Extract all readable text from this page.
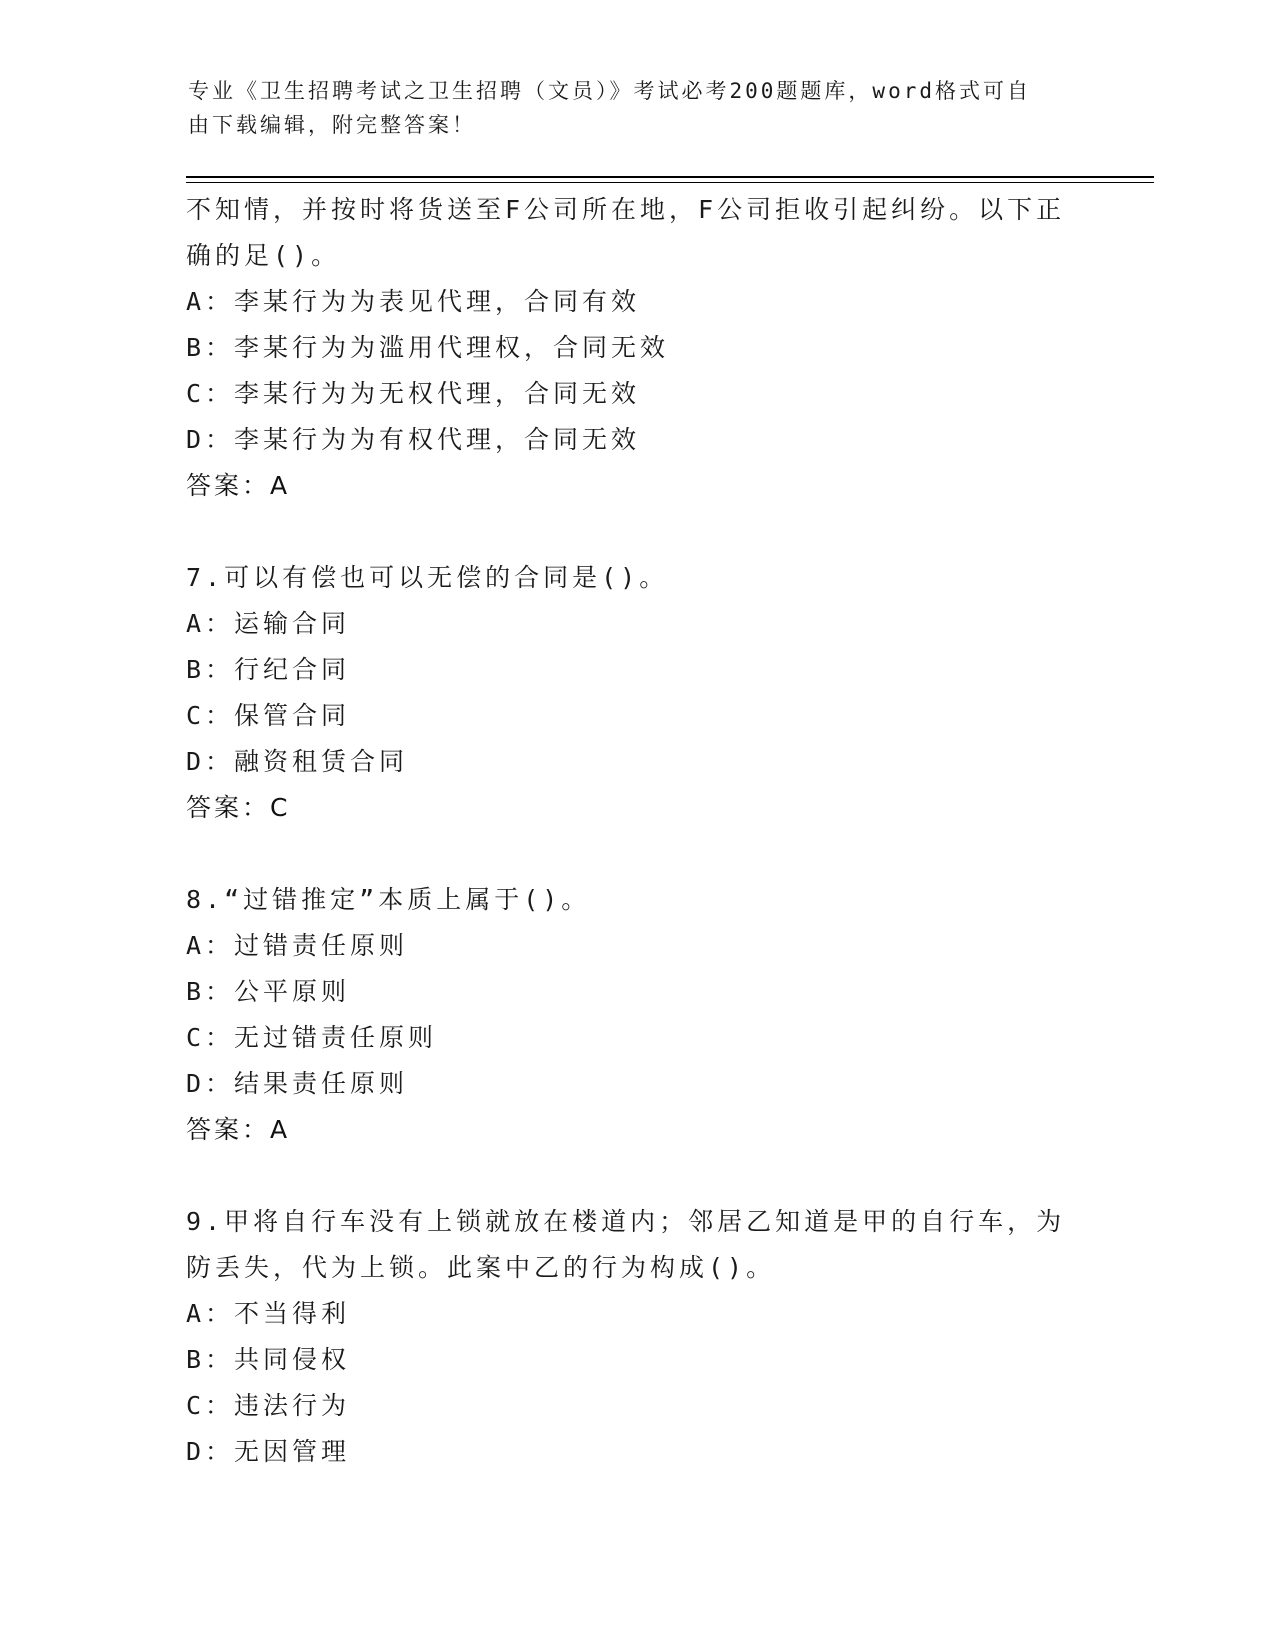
专业《卫生招聘考试之卫生招聘（文员）》考试必考200题题库，word格式可自
由下载编辑，附完整答案！
不知情，并按时将货送至F公司所在地，F公司拒收引起纠纷。以下正
确的足()。
A：李某行为为表见代理，合同有效
B：李某行为为滥用代理权，合同无效
C：李某行为为无权代理，合同无效
D：李某行为为有权代理，合同无效
答案：A
7.可以有偿也可以无偿的合同是()。
A：运输合同
B：行纪合同
C：保管合同
D：融资租赁合同
答案：C
8.“过错推定”本质上属于()。
A：过错责任原则
B：公平原则
C：无过错责任原则
D：结果责任原则
答案：A
9.甲将自行车没有上锁就放在楼道内；邻居乙知道是甲的自行车，为
防丢失，代为上锁。此案中乙的行为构成()。
A：不当得利
B：共同侵权
C：违法行为
D：无因管理
